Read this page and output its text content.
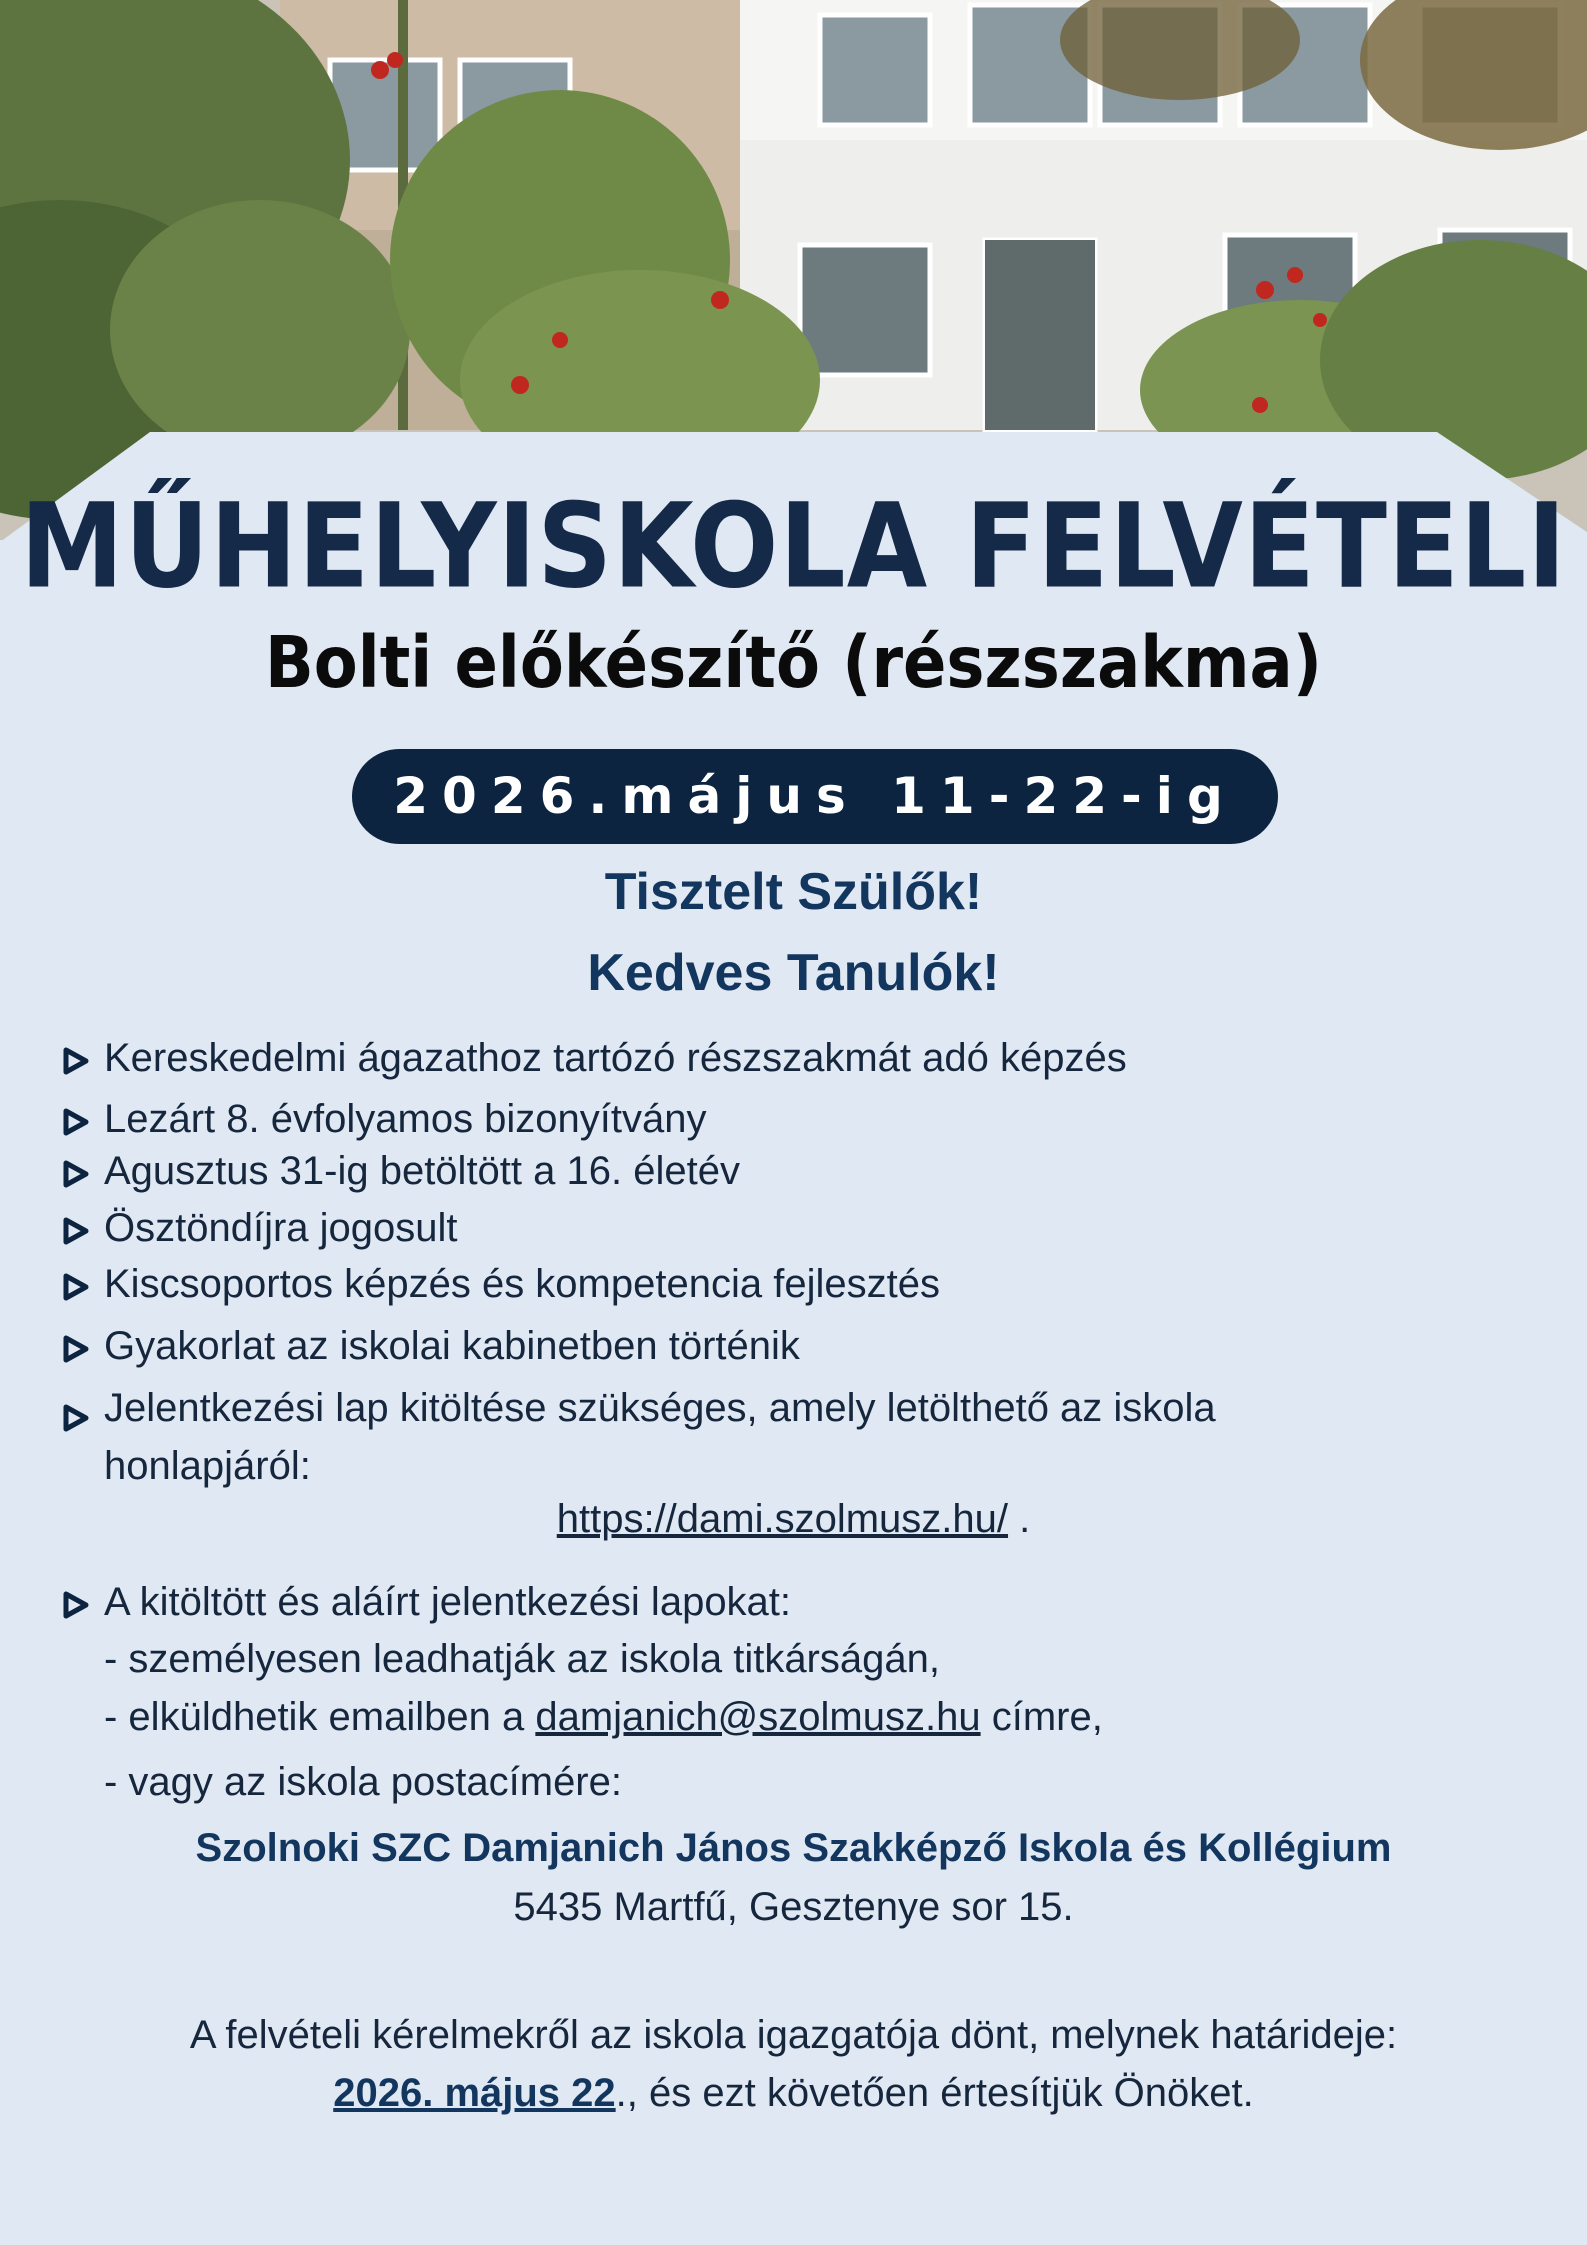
MŰHELYISKOLA FELVÉTELI
Bolti előkészítő (részszakma)
2026.május 11-22-ig
Tisztelt Szülők!
Kedves Tanulók!
Kereskedelmi ágazathoz tartózó részszakmát adó képzés
Lezárt 8. évfolyamos bizonyítvány
Agusztus 31-ig betöltött a 16. életév
Ösztöndíjra jogosult
Kiscsoportos képzés és kompetencia fejlesztés
Gyakorlat az iskolai kabinetben történik
Jelentkezési lap kitöltése szükséges, amely letölthető az iskola
honlapjáról:
https://dami.szolmusz.hu/ .
A kitöltött és aláírt jelentkezési lapokat:
- személyesen leadhatják az iskola titkárságán,
- elküldhetik emailben a damjanich@szolmusz.hu címre,
- vagy az iskola postacímére:
Szolnoki SZC Damjanich János Szakképző Iskola és Kollégium
5435 Martfű, Gesztenye sor 15.
A felvételi kérelmekről az iskola igazgatója dönt, melynek határideje:
2026. május 22., és ezt követően értesítjük Önöket.
